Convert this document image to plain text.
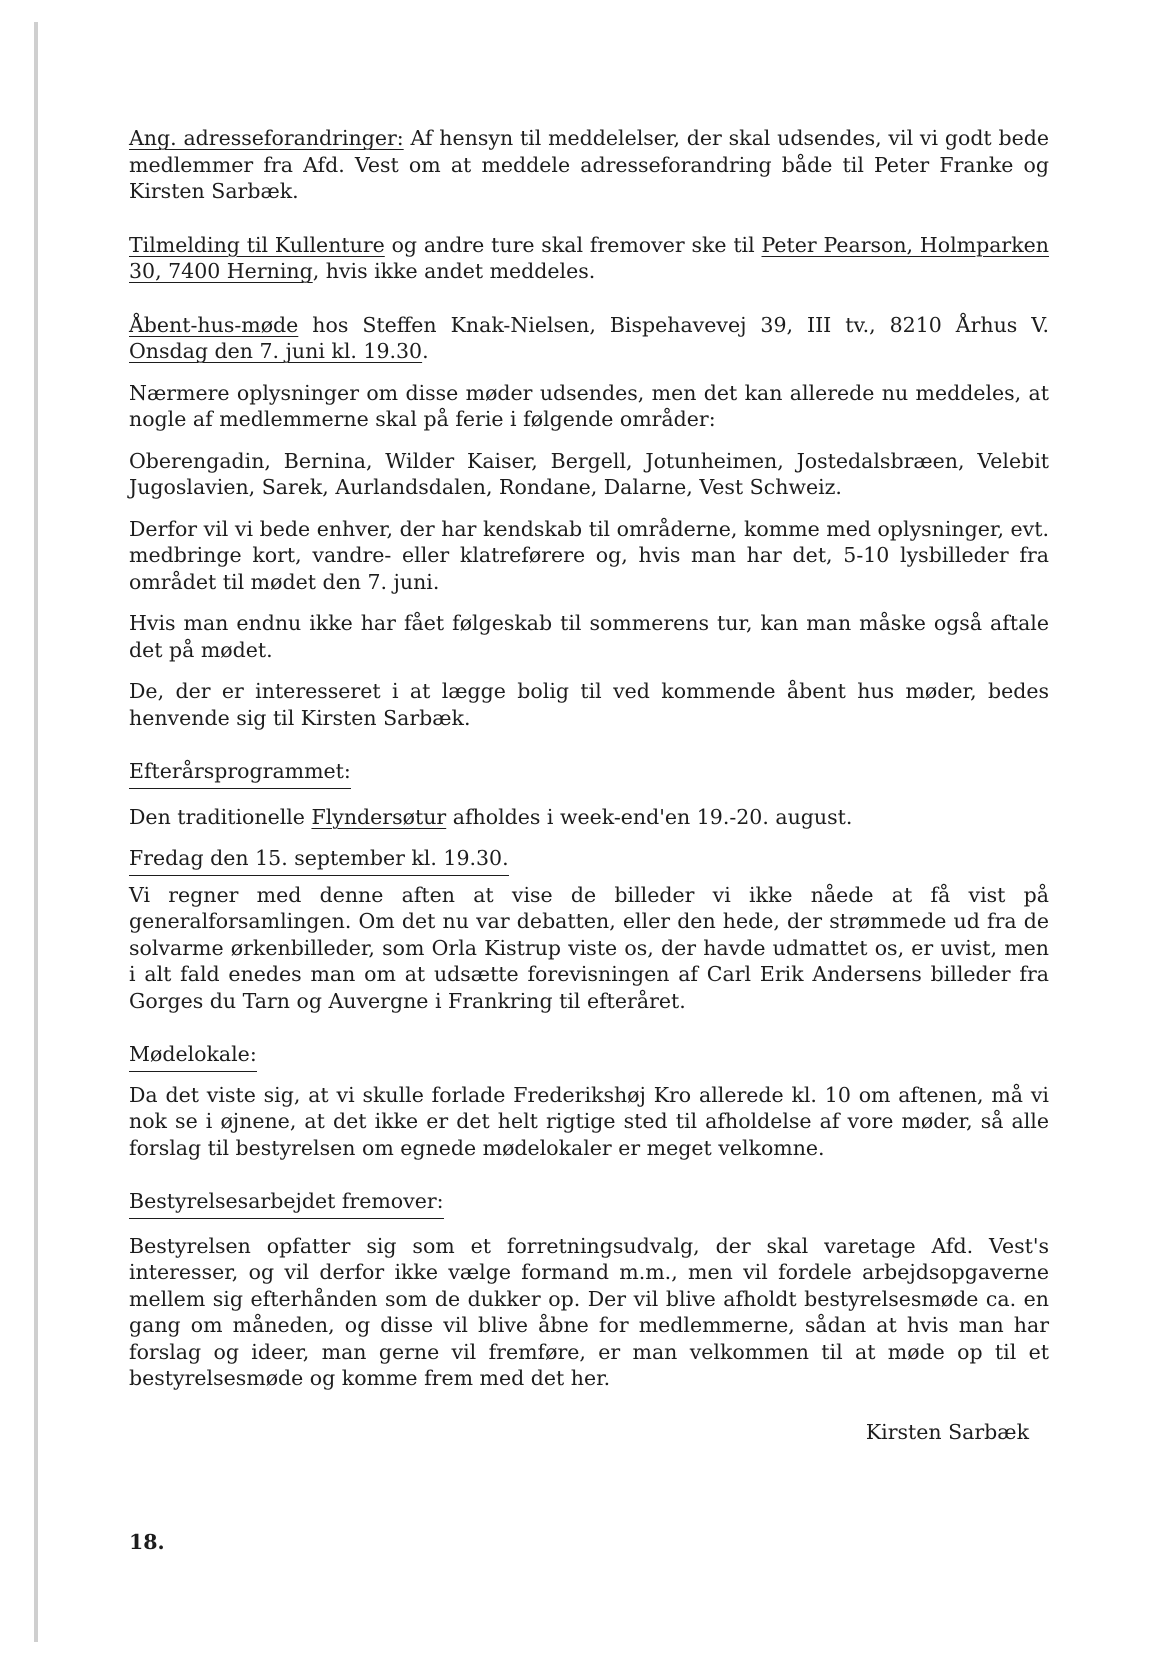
Ang. adresseforandringer: Af hensyn til meddelelser, der skal udsendes, vil vi godt bede medlemmer fra Afd. Vest om at meddele adresseforandring både til Peter Franke og Kirsten Sarbæk.

Tilmelding til Kullenture og andre ture skal fremover ske til Peter Pearson, Holmparken 30, 7400 Herning, hvis ikke andet meddeles.

Åbent-hus-møde hos Steffen Knak-Nielsen, Bispehavevej 39, III tv., 8210 Århus V. Onsdag den 7. juni kl. 19.30.

Nærmere oplysninger om disse møder udsendes, men det kan allerede nu meddeles, at nogle af medlemmerne skal på ferie i følgende områder:

Oberengadin, Bernina, Wilder Kaiser, Bergell, Jotunheimen, Jostedalsbræen, Velebit Jugoslavien, Sarek, Aurlandsdalen, Rondane, Dalarne, Vest Schweiz.

Derfor vil vi bede enhver, der har kendskab til områderne, komme med oplysninger, evt. medbringe kort, vandre- eller klatreførere og, hvis man har det, 5-10 lysbilleder fra området til mødet den 7. juni.

Hvis man endnu ikke har fået følgeskab til sommerens tur, kan man måske også aftale det på mødet.

De, der er interesseret i at lægge bolig til ved kommende åbent hus møder, bedes henvende sig til Kirsten Sarbæk.

Efterårsprogrammet:

Den traditionelle Flyndersøtur afholdes i week-end'en 19.-20. august.

Fredag den 15. september kl. 19.30.

Vi regner med denne aften at vise de billeder vi ikke nåede at få vist på generalforsamlingen. Om det nu var debatten, eller den hede, der strømmede ud fra de solvarme ørkenbilleder, som Orla Kistrup viste os, der havde udmattet os, er uvist, men i alt fald enedes man om at udsætte forevisningen af Carl Erik Andersens billeder fra Gorges du Tarn og Auvergne i Frankring til efteråret.

Mødelokale:

Da det viste sig, at vi skulle forlade Frederikshøj Kro allerede kl. 10 om aftenen, må vi nok se i øjnene, at det ikke er det helt rigtige sted til afholdelse af vore møder, så alle forslag til bestyrelsen om egnede mødelokaler er meget velkomne.

Bestyrelsesarbejdet fremover:

Bestyrelsen opfatter sig som et forretningsudvalg, der skal varetage Afd. Vest's interesser, og vil derfor ikke vælge formand m.m., men vil fordele arbejdsopgaverne mellem sig efterhånden som de dukker op. Der vil blive afholdt bestyrelsesmøde ca. en gang om måneden, og disse vil blive åbne for medlemmerne, sådan at hvis man har forslag og ideer, man gerne vil fremføre, er man velkommen til at møde op til et bestyrelsesmøde og komme frem med det her.

Kirsten Sarbæk

18.
